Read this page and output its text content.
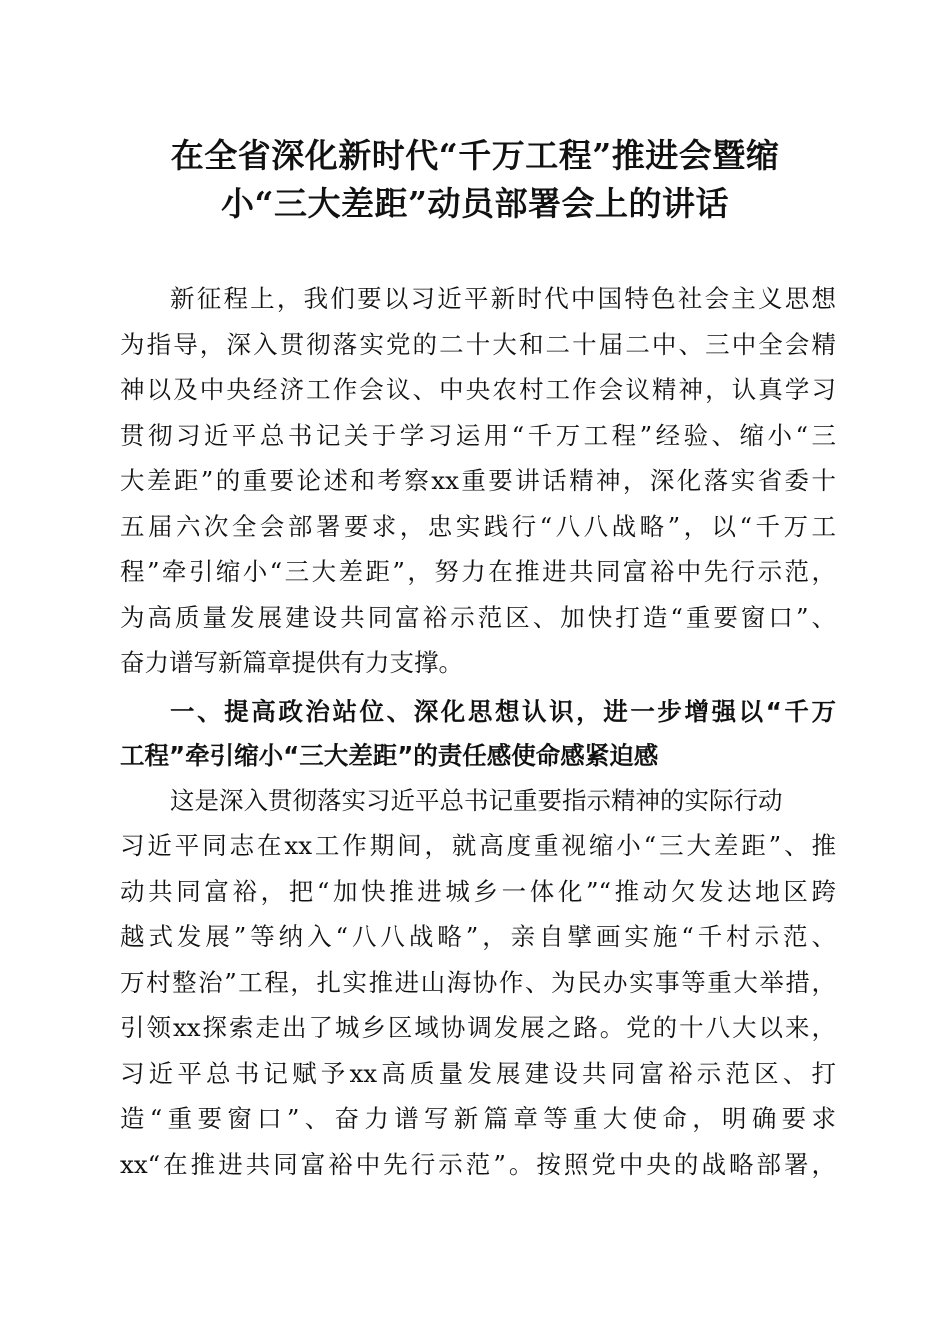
在全省深化新时代“千万工程”推进会暨缩
小“三大差距”动员部署会上的讲话
新征程上，我们要以习近平新时代中国特色社会主义思想
为指导，深入贯彻落实党的二十大和二十届二中、三中全会精
神以及中央经济工作会议、中央农村工作会议精神，认真学习
贯彻习近平总书记关于学习运用“千万工程”经验、缩小“三
大差距”的重要论述和考察xx重要讲话精神，深化落实省委十
五届六次全会部署要求，忠实践行“八八战略”，以“千万工
程”牵引缩小“三大差距”，努力在推进共同富裕中先行示范，
为高质量发展建设共同富裕示范区、加快打造“重要窗口”、
奋力谱写新篇章提供有力支撑。
一、提高政治站位、深化思想认识，进一步增强以“千万
工程”牵引缩小“三大差距”的责任感使命感紧迫感
这是深入贯彻落实习近平总书记重要指示精神的实际行动
习近平同志在xx工作期间，就高度重视缩小“三大差距”、推
动共同富裕，把“加快推进城乡一体化”“推动欠发达地区跨
越式发展”等纳入“八八战略”，亲自擘画实施“千村示范、
万村整治”工程，扎实推进山海协作、为民办实事等重大举措，
引领xx探索走出了城乡区域协调发展之路。党的十八大以来，
习近平总书记赋予xx高质量发展建设共同富裕示范区、打
造“重要窗口”、奋力谱写新篇章等重大使命，明确要求
xx“在推进共同富裕中先行示范”。按照党中央的战略部署，
